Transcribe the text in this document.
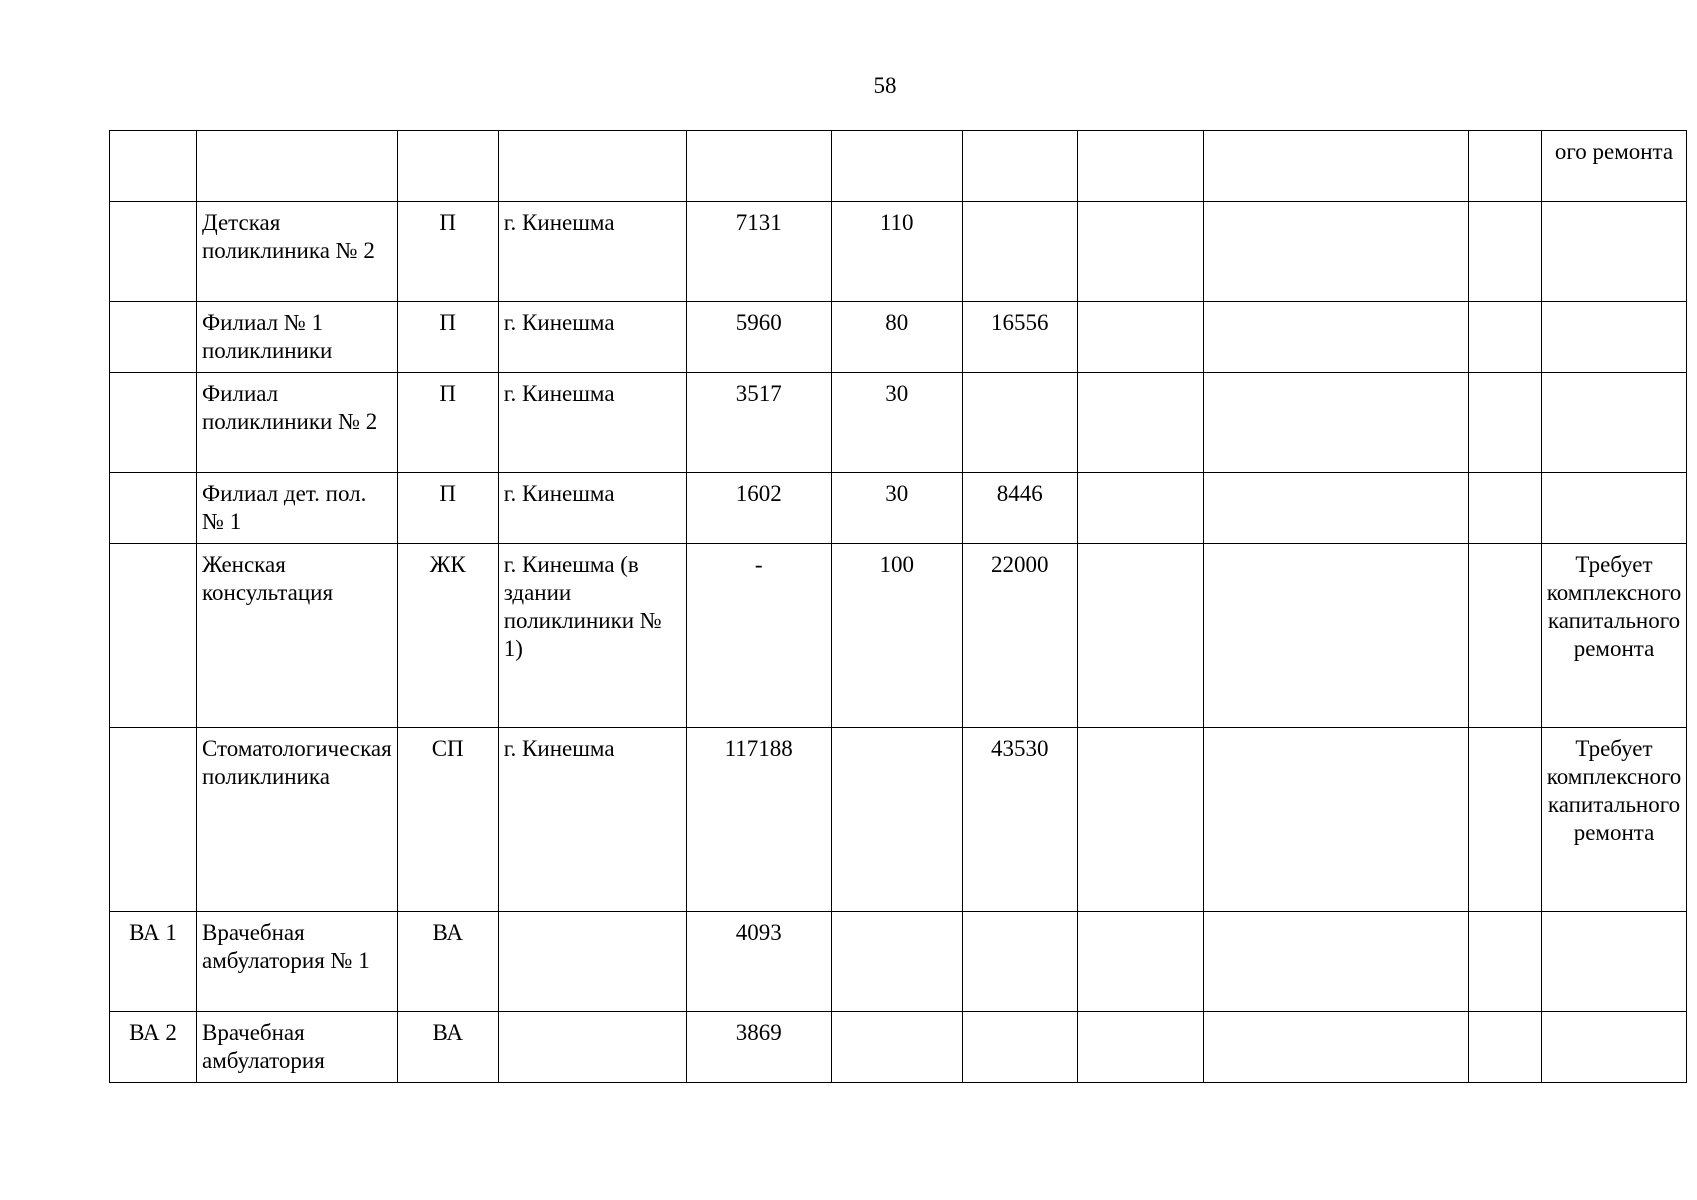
58
										ого ремонта
	Детская поликлиника № 2	П	г. Кинешма	7131	110					
	Филиал № 1 поликлиники	П	г. Кинешма	5960	80	16556				
	Филиал поликлиники № 2	П	г. Кинешма	3517	30					
	Филиал дет. пол. № 1	П	г. Кинешма	1602	30	8446				
	Женская консультация	ЖК	г. Кинешма (в здании поликлиники № 1)	-	100	22000				Требует комплексного капитального ремонта
	Стоматологическая поликлиника	СП	г. Кинешма	117188		43530				Требует комплексного капитального ремонта
ВА 1	Врачебная амбулатория № 1	ВА		4093						
ВА 2	Врачебная амбулатория	ВА		3869						
